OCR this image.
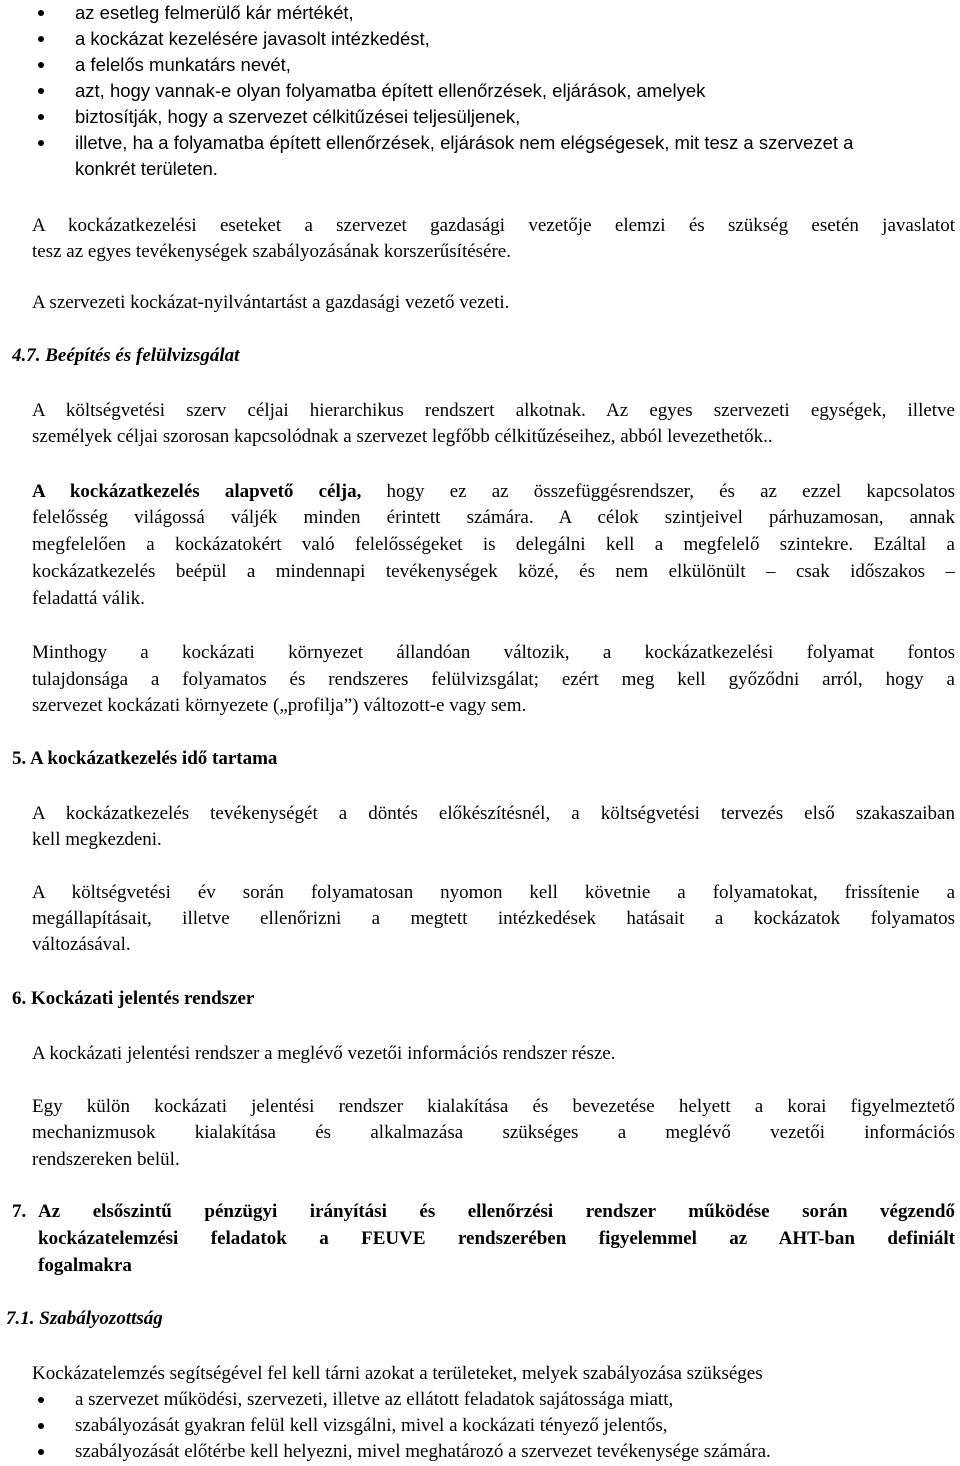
az esetleg felmerülő kár mértékét,
a kockázat kezelésére javasolt intézkedést,
a felelős munkatárs nevét,
azt, hogy vannak-e olyan folyamatba épített ellenőrzések, eljárások, amelyek
biztosítják, hogy a szervezet célkitűzései teljesüljenek,
illetve, ha a folyamatba épített ellenőrzések, eljárások nem elégségesek, mit tesz a szervezet a
konkrét területen.
A kockázatkezelési eseteket a szervezet gazdasági vezetője elemzi és szükség esetén javaslatot
tesz az egyes tevékenységek szabályozásának korszerűsítésére.
A szervezeti kockázat-nyilvántartást a gazdasági vezető vezeti.
4.7. Beépítés és felülvizsgálat
A költségvetési szerv céljai hierarchikus rendszert alkotnak. Az egyes szervezeti egységek, illetve
személyek céljai szorosan kapcsolódnak a szervezet legfőbb célkitűzéseihez, abból levezethetők..
A kockázatkezelés alapvető célja, hogy ez az összefüggésrendszer, és az ezzel kapcsolatos
felelősség világossá váljék minden érintett számára. A célok szintjeivel párhuzamosan, annak
megfelelően a kockázatokért való felelősségeket is delegálni kell a megfelelő szintekre. Ezáltal a
kockázatkezelés beépül a mindennapi tevékenységek közé, és nem elkülönült – csak időszakos –
feladattá válik.
Minthogy a kockázati környezet állandóan változik, a kockázatkezelési folyamat fontos
tulajdonsága a folyamatos és rendszeres felülvizsgálat; ezért meg kell győződni arról, hogy a
szervezet kockázati környezete („profilja”) változott-e vagy sem.
5. A kockázatkezelés idő tartama
A kockázatkezelés tevékenységét a döntés előkészítésnél, a költségvetési tervezés első szakaszaiban
kell megkezdeni.
A költségvetési év során folyamatosan nyomon kell követnie a folyamatokat, frissítenie a
megállapításait, illetve ellenőrizni a megtett intézkedések hatásait a kockázatok folyamatos
változásával.
6. Kockázati jelentés rendszer
A kockázati jelentési rendszer a meglévő vezetői információs rendszer része.
Egy külön kockázati jelentési rendszer kialakítása és bevezetése helyett a korai figyelmeztető
mechanizmusok kialakítása és alkalmazása szükséges a meglévő vezetői információs
rendszereken belül.
7. Az elsőszintű pénzügyi irányítási és ellenőrzési rendszer működése során végzendő
kockázatelemzési feladatok a FEUVE rendszerében figyelemmel az AHT-ban definiált
fogalmakra
7.1. Szabályozottság
Kockázatelemzés segítségével fel kell tárni azokat a területeket, melyek szabályozása szükséges
a szervezet működési, szervezeti, illetve az ellátott feladatok sajátossága miatt,
szabályozását gyakran felül kell vizsgálni, mivel a kockázati tényező jelentős,
szabályozását előtérbe kell helyezni, mivel meghatározó a szervezet tevékenysége számára.
